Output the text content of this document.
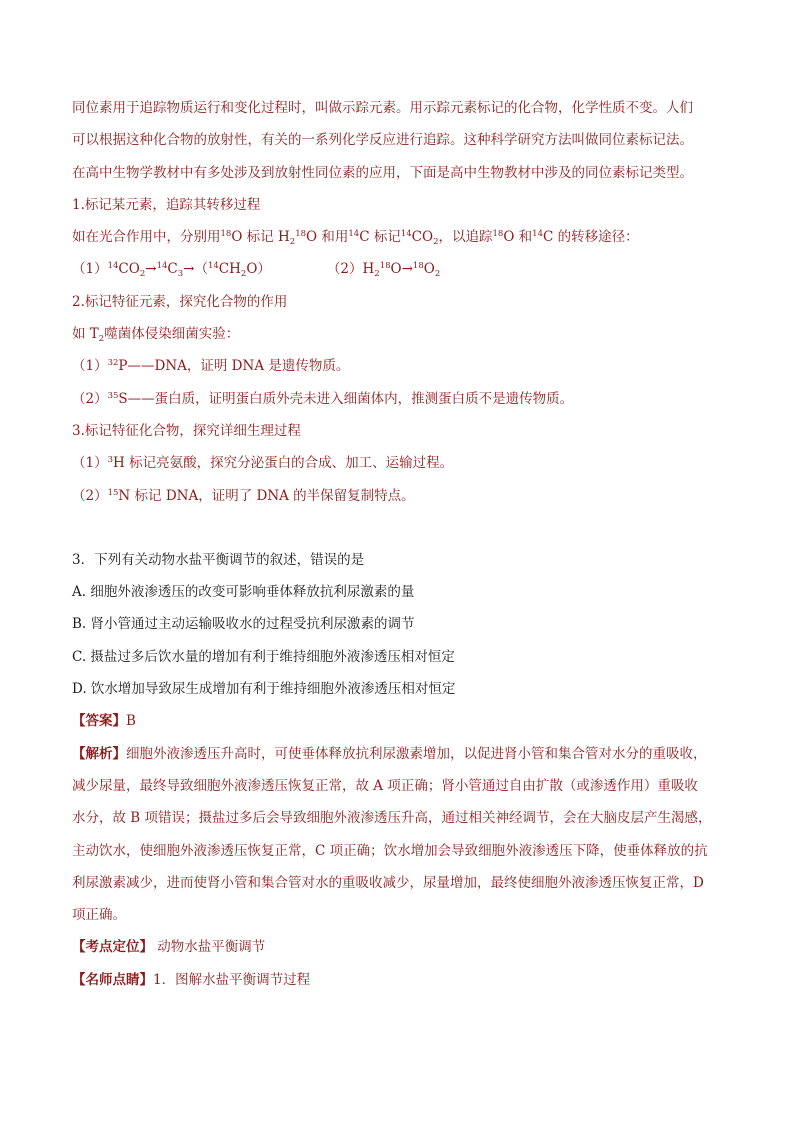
同位素用于追踪物质运行和变化过程时，叫做示踪元素。用示踪元素标记的化合物，化学性质不变。人们
可以根据这种化合物的放射性，有关的一系列化学反应进行追踪。这种科学研究方法叫做同位素标记法。
在高中生物学教材中有多处涉及到放射性同位素的应用，下面是高中生物教材中涉及的同位素标记类型。
1.标记某元素，追踪其转移过程
如在光合作用中，分别用$^{18}$O 标记 $H_2^{18}O$ 和用$^{14}$C 标记$^{14}CO_2$，以追踪$^{18}$O 和$^{14}$C 的转移途径：
$(1)^{14}CO_2\to^{14}C_3\to(^{14}CH_2O)$	$(2)H_2^{18}O\to^{18}O_2$
2.标记特征元素，探究化合物的作用
如 $T_2$噬菌体侵染细菌实验：
$(1)^{32}P——DNA$，证明 DNA 是遗传物质。
$(2)^{35}S——$蛋白质，证明蛋白质外壳未进入细菌体内，推测蛋白质不是遗传物质。
3.标记特征化合物，探究详细生理过程
$(1)^3H$ 标记亮氨酸，探究分泌蛋白的合成、加工、运输过程。
$(2)^{15}N$ 标记 DNA，证明了 DNA 的半保留复制特点。
3．下列有关动物水盐平衡调节的叙述，错误的是
A. 细胞外液渗透压的改变可影响垂体释放抗利尿激素的量
B. 肾小管通过主动运输吸收水的过程受抗利尿激素的调节
C. 摄盐过多后饮水量的增加有利于维持细胞外液渗透压相对恒定
D. 饮水增加导致尿生成增加有利于维持细胞外液渗透压相对恒定
【答案】B
【解析】细胞外液渗透压升高时，可使垂体释放抗利尿激素增加，以促进肾小管和集合管对水分的重吸收，
减少尿量，最终导致细胞外液渗透压恢复正常，故 A 项正确；肾小管通过自由扩散（或渗透作用）重吸收
水分，故 B 项错误；摄盐过多后会导致细胞外液渗透压升高，通过相关神经调节，会在大脑皮层产生渴感，
主动饮水，使细胞外液渗透压恢复正常，C 项正确；饮水增加会导致细胞外液渗透压下降，使垂体释放的抗
利尿激素减少，进而使肾小管和集合管对水的重吸收减少，尿量增加，最终使细胞外液渗透压恢复正常，D
项正确。
【考点定位】 动物水盐平衡调节
【名师点睛】1．图解水盐平衡调节过程
